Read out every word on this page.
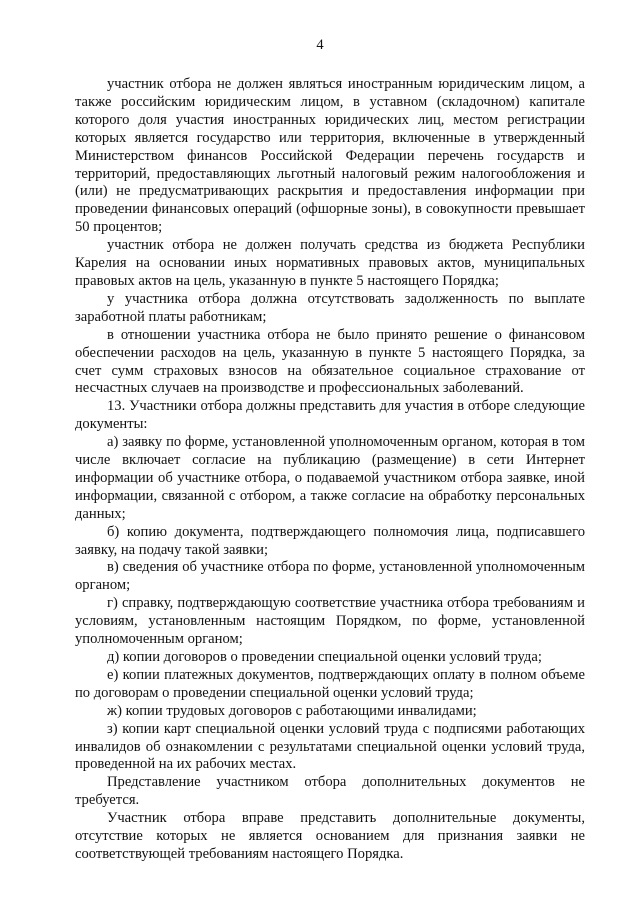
4

участник отбора не должен являться иностранным юридическим лицом, а также российским юридическим лицом, в уставном (складочном) капитале которого доля участия иностранных юридических лиц, местом регистрации которых является государство или территория, включенные в утвержденный Министерством финансов Российской Федерации перечень государств и территорий, предоставляющих льготный налоговый режим налогообложения и (или) не предусматривающих раскрытия и предоставления информации при проведении финансовых операций (офшорные зоны), в совокупности превышает 50 процентов;

участник отбора не должен получать средства из бюджета Республики Карелия на основании иных нормативных правовых актов, муниципальных правовых актов на цель, указанную в пункте 5 настоящего Порядка;

у участника отбора должна отсутствовать задолженность по выплате заработной платы работникам;

в отношении участника отбора не было принято решение о финансовом обеспечении расходов на цель, указанную в пункте 5 настоящего Порядка, за счет сумм страховых взносов на обязательное социальное страхование от несчастных случаев на производстве и профессиональных заболеваний.

13. Участники отбора должны представить для участия в отборе следующие документы:

а) заявку по форме, установленной уполномоченным органом, которая в том числе включает согласие на публикацию (размещение) в сети Интернет информации об участнике отбора, о подаваемой участником отбора заявке, иной информации, связанной с отбором, а также согласие на обработку персональных данных;

б) копию документа, подтверждающего полномочия лица, подписавшего заявку, на подачу такой заявки;

в) сведения об участнике отбора по форме, установленной уполномоченным органом;

г) справку, подтверждающую соответствие участника отбора требованиям и условиям, установленным настоящим Порядком, по форме, установленной уполномоченным органом;

д) копии договоров о проведении специальной оценки условий труда;

е) копии платежных документов, подтверждающих оплату в полном объеме по договорам о проведении специальной оценки условий труда;

ж) копии трудовых договоров с работающими инвалидами;

з) копии карт специальной оценки условий труда с подписями работающих инвалидов об ознакомлении с результатами специальной оценки условий труда, проведенной на их рабочих местах.

Представление участником отбора дополнительных документов не требуется.

Участник отбора вправе представить дополнительные документы, отсутствие которых не является основанием для признания заявки не соответствующей требованиям настоящего Порядка.
